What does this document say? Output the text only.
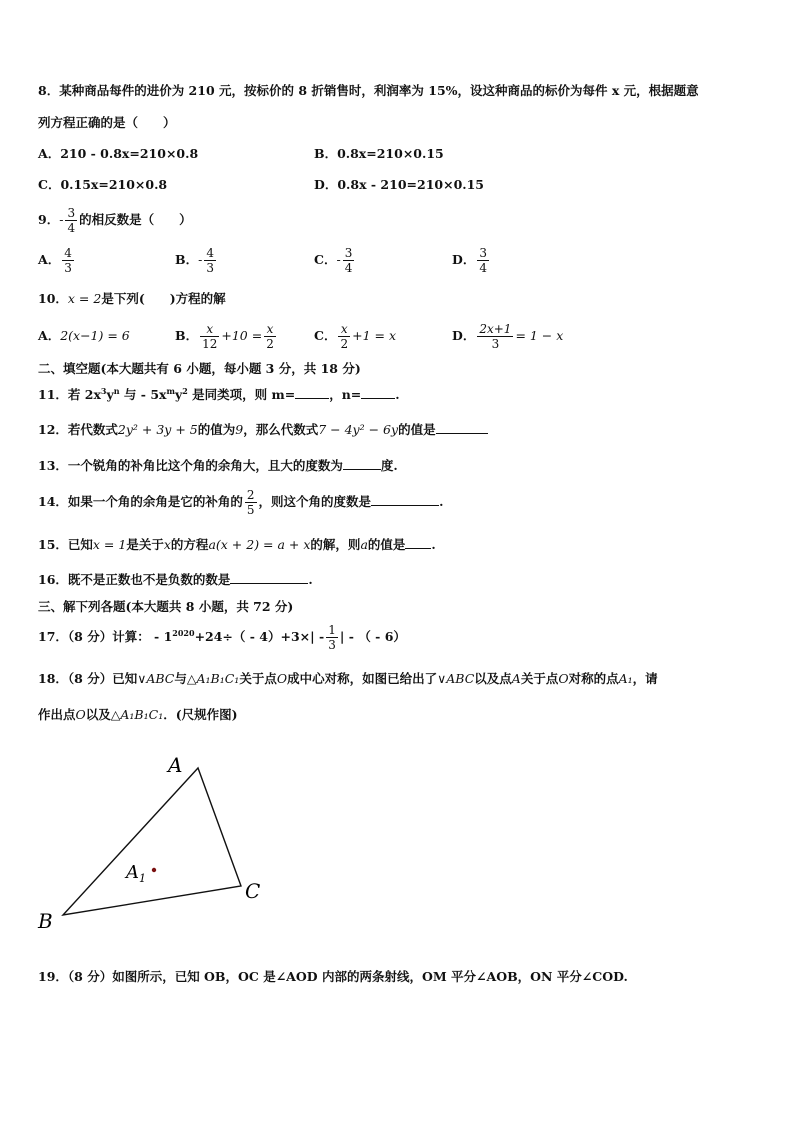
8．某种商品每件的进价为 210 元，按标价的 8 折销售时，利润率为 15%，设这种商品的标价为每件 x 元，根据题意
列方程正确的是（　　）
A．210 - 0.8x=210×0.8	B．0.8x=210×0.15
C．0.15x=210×0.8	D．0.8x - 210=210×0.15
9．- $\frac{3}{4}$ 的相反数是（　　）
A． $\frac{4}{3}$	B．- $\frac{4}{3}$	C．- $\frac{3}{4}$	D． $\frac{3}{4}$
10．x = 2是下列(　　)方程的解
A．2(x−1) = 6	B． $\frac{x}{12} +10 = \frac{x}{2}$	C． $\frac{x}{2} +1 = x$	D． $\frac{2x+1}{3} = 1 - x$
二、填空题(本大题共有 6 小题，每小题 3 分，共 18 分)
11．若 $2x^3y^n$ 与 - $5x^my^2$ 是同类项，则 m=	，n=	.
12．若代数式2y² + 3y + 5的值为9，那么代数式7 − 4y² − 6y的值是
13．一个锐角的补角比这个角的余角大，且大的度数为	度.
14．如果一个角的余角是它的补角的 $\frac{2}{5}$ ，则这个角的度数是	.
15．已知x = 1是关于x的方程a(x + 2) = a + x的解，则a的值是 .
16．既不是正数也不是负数的数是	.
三、解下列各题(本大题共 8 小题，共 72 分)
17．（8 分）计算： - $1^{2020}+24\div( - 4)+3\times| - \frac{1}{3}$ | - （ - 6）
18．（8 分）已知∨ABC与△A₁B₁C₁关于点O成中心对称，如图已给出了∨ABC以及点A关于点O对称的点A₁，请
作出点O以及△A₁B₁C₁．(尺规作图)
A
B
C
$A_1$
19．（8 分）如图所示，已知 OB，OC 是∠AOD 内部的两条射线，OM 平分∠AOB，ON 平分∠COD.
